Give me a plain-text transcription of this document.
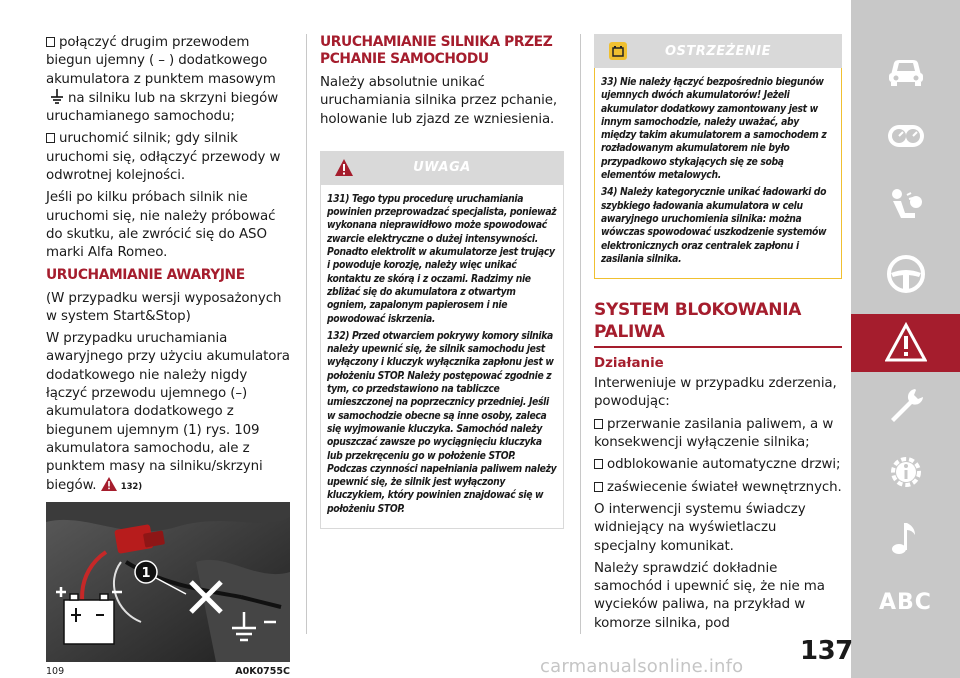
połączyć drugim przewodem biegun ujemny ( – ) dodatkowego akumulatora z punktem masowymna silniku lub na skrzyni biegów uruchamianego samochodu;

uruchomić silnik; gdy silnik uruchomi się, odłączyć przewody w odwrotnej kolejności.

Jeśli po kilku próbach silnik nie uruchomi się, nie należy próbować do skutku, ale zwrócić się do ASO marki Alfa Romeo.

URUCHAMIANIE AWARYJNE

(W przypadku wersji wyposażonych w system Start&Stop)

W przypadku uruchamiania awaryjnego przy użyciu akumulatora dodatkowego nie należy nigdy łączyć przewodu ujemnego (–) akumulatora dodatkowego z biegunem ujemnym (1) rys. 109 akumulatora samochodu, ale z punktem masy na silniku/skrzyni biegów.	132)

1
109	A0K0755C
URUCHAMIANIE SILNIKA PRZEZ PCHANIE SAMOCHODU

Należy absolutnie unikać uruchamiania silnika przez pchanie, holowanie lub zjazd ze wzniesienia.

UWAGA

131) Tego typu procedurę uruchamiania powinien przeprowadzać specjalista, ponieważ wykonana nieprawidłowo może spowodować zwarcie elektryczne o dużej intensywności. Ponadto elektrolit w akumulatorze jest trujący i powoduje korozję, należy więc unikać kontaktu ze skórą i z oczami. Radzimy nie zbliżać się do akumulatora z otwartym ogniem, zapalonym papierosem i nie powodować iskrzenia.

132) Przed otwarciem pokrywy komory silnika należy upewnić się, że silnik samochodu jest wyłączony i kluczyk wyłącznika zapłonu jest w położeniu STOP. Należy postępować zgodnie z tym, co przedstawiono na tabliczce umieszczonej na poprzecznicy przedniej. Jeśli w samochodzie obecne są inne osoby, zaleca się wyjmowanie kluczyka. Samochód należy opuszczać zawsze po wyciągnięciu kluczyka lub przekręceniu go w położenie STOP. Podczas czynności napełniania paliwem należy upewnić się, że silnik jest wyłączony kluczykiem, który powinien znajdować się w położeniu STOP.

OSTRZEŻENIE

33) Nie należy łączyć bezpośrednio biegunów ujemnych dwóch akumulatorów! Jeżeli akumulator dodatkowy zamontowany jest w innym samochodzie, należy uważać, aby między takim akumulatorem a samochodem z rozładowanym akumulatorem nie było przypadkowo stykających się ze sobą elementów metalowych.

34) Należy kategorycznie unikać ładowarki do szybkiego ładowania akumulatora w celu awaryjnego uruchomienia silnika: można wówczas spowodować uszkodzenie systemów elektronicznych oraz centralek zapłonu i zasilania silnika.

SYSTEM BLOKOWANIA PALIWA
Działanie

Interweniuje w przypadku zderzenia, powodując:

przerwanie zasilania paliwem, a w konsekwencji wyłączenie silnika;

odblokowanie automatyczne drzwi;

zaświecenie świateł wewnętrznych.

O interwencji systemu świadczy widniejący na wyświetlaczu specjalny komunikat.

Należy sprawdzić dokładnie samochód i upewnić się, że nie ma wycieków paliwa, na przykład w komorze silnika, pod

ABC
137
carmanualsonline.info
